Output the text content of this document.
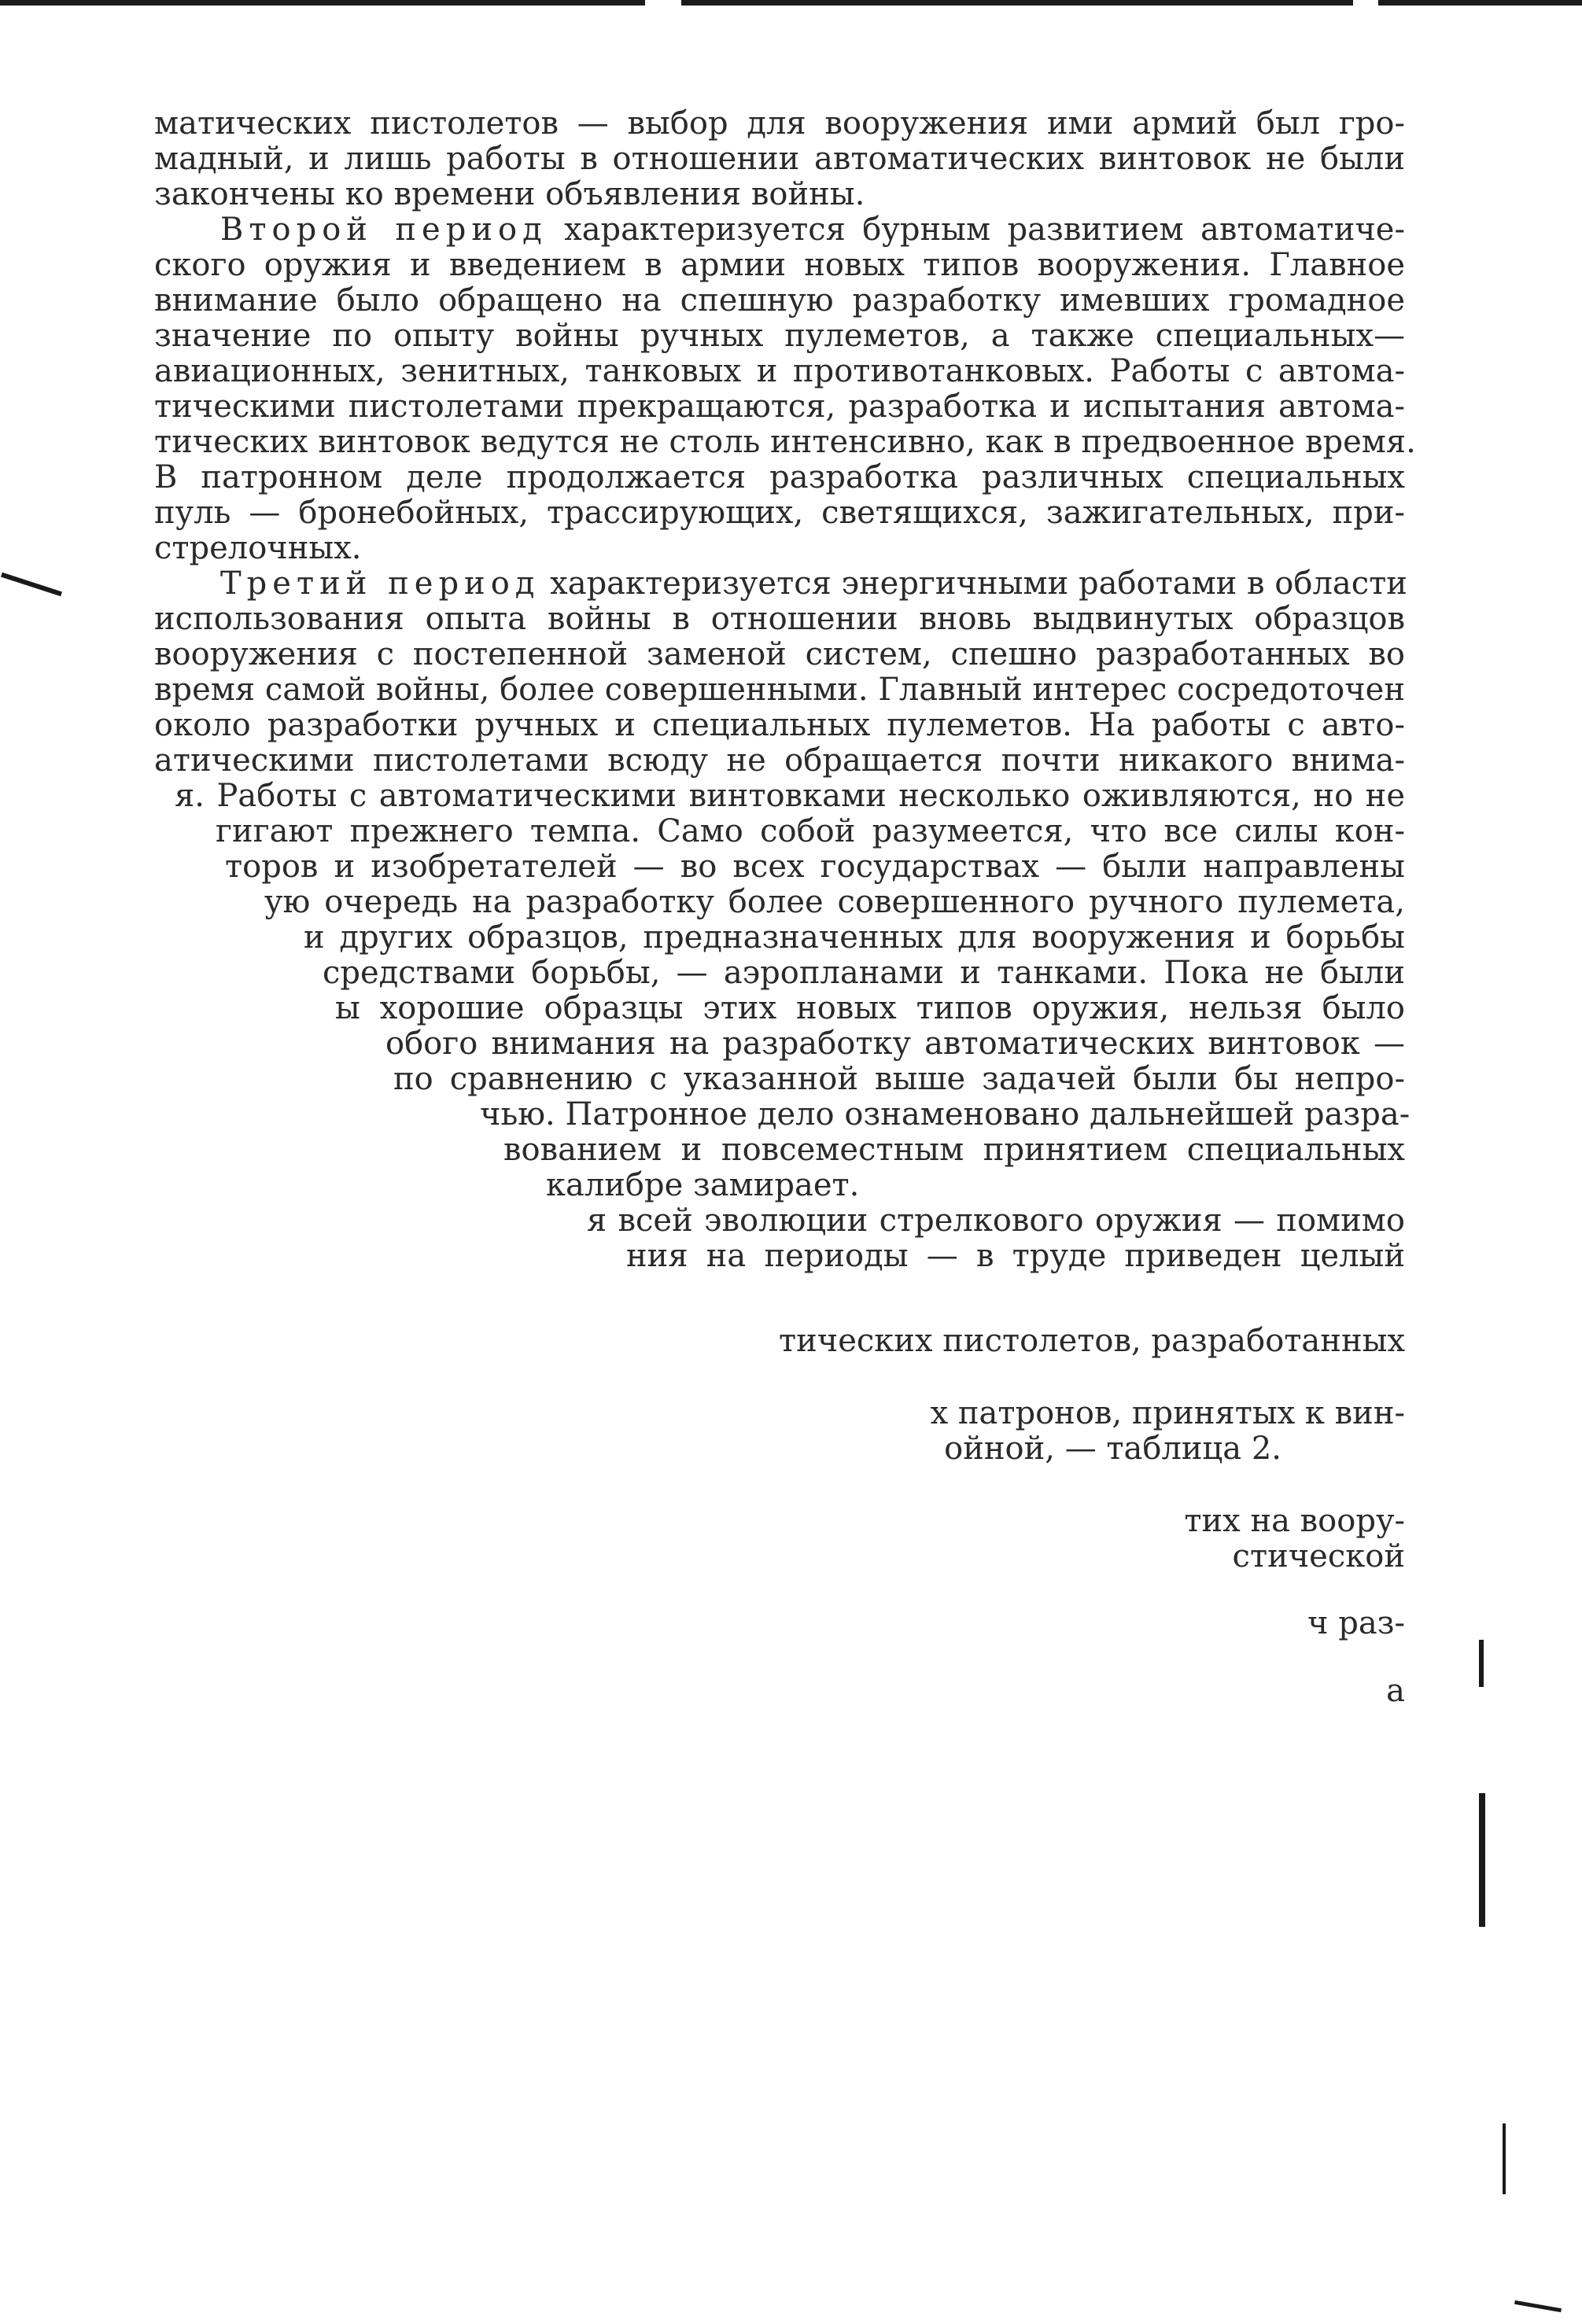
матических пистолетов — выбор для вооружения ими армий был гро-

мадный, и лишь работы в отношении автоматических винтовок не были

закончены ко времени объявления войны.

Второй период характеризуется бурным развитием автоматиче-

ского оружия и введением в армии новых типов вооружения. Главное

внимание было обращено на спешную разработку имевших громадное

значение по опыту войны ручных пулеметов, а также специальных—

авиационных, зенитных, танковых и противотанковых. Работы с автома-

тическими пистолетами прекращаются, разработка и испытания автома-

тических винтовок ведутся не столь интенсивно, как в предвоенное время.

В патронном деле продолжается разработка различных специальных

пуль — бронебойных, трассирующих, светящихся, зажигательных, при-

стрелочных.

Третий период характеризуется энергичными работами в области

использования опыта войны в отношении вновь выдвинутых образцов

вооружения с постепенной заменой систем, спешно разработанных во

время самой войны, более совершенными. Главный интерес сосредоточен

около разработки ручных и специальных пулеметов. На работы с авто-

атическими пистолетами всюду не обращается почти никакого внима-

я. Работы с автоматическими винтовками несколько оживляются, но не

гигают прежнего темпа. Само собой разумеется, что все силы кон-

торов и изобретателей — во всех государствах — были направлены

ую очередь на разработку более совершенного ручного пулемета,

и других образцов, предназначенных для вооружения и борьбы

средствами борьбы, — аэропланами и танками. Пока не были

ы хорошие образцы этих новых типов оружия, нельзя было

обого внимания на разработку автоматических винтовок —

по сравнению с указанной выше задачей были бы непро-

чью. Патронное дело ознаменовано дальнейшей разра-

вованием и повсеместным принятием специальных

калибре замирает.

я всей эволюции стрелкового оружия — помимо

ния на периоды — в труде приведен целый

тических пистолетов, разработанных

х патронов, принятых к вин-

ойной, — таблица 2.

тих на воору-

стической

ч раз-

а
